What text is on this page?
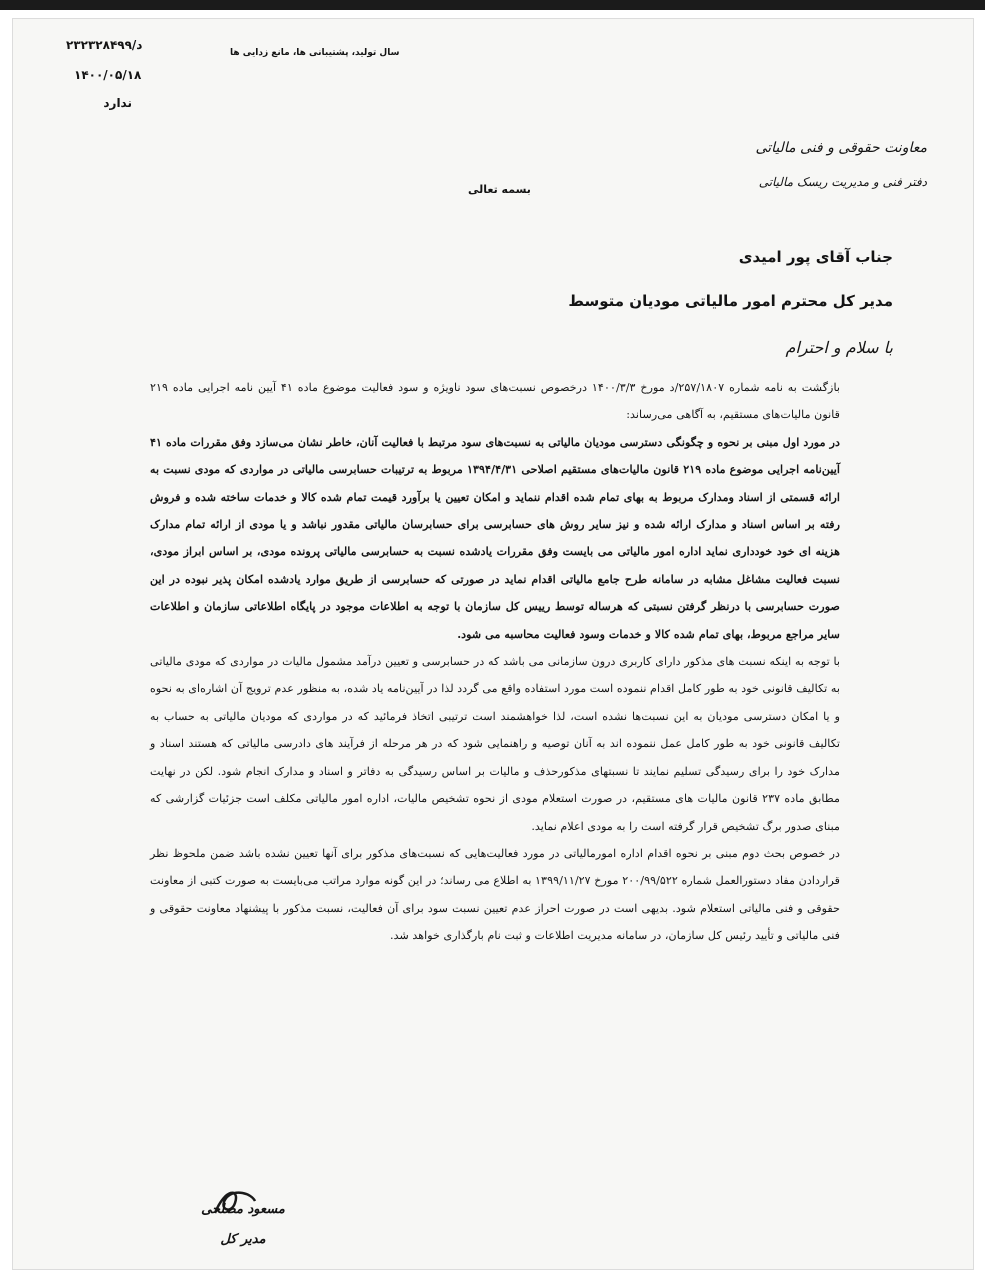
د/۲۳۲۳۲۸۴۹۹
۱۴۰۰/۰۵/۱۸
ندارد
سال تولید، پشتیبانی ها، مانع زدایی ها
معاونت حقوقی و فنی مالیاتی
دفتر فنی و مدیریت ریسک مالیاتی
بسمه تعالی
جناب آقای پور امیدی
مدیر کل محترم امور مالیاتی مودیان متوسط
با سلام و احترام

بازگشت به نامه شماره ۲۵۷/۱۸۰۷/د مورخ ۱۴۰۰/۳/۳ درخصوص نسبت‌های سود ناویژه و سود فعالیت موضوع ماده ۴۱ آیین نامه اجرایی ماده ۲۱۹ قانون مالیات‌های مستقیم، به آگاهی می‌رساند:

در مورد اول مبنی بر نحوه و چگونگی دسترسی مودیان مالیاتی به نسبت‌های سود مرتبط با فعالیت آنان، خاطر نشان می‌سازد وفق مقررات ماده ۴۱ آیین‌نامه اجرایی موضوع ماده ۲۱۹ قانون مالیات‌های مستقیم اصلاحی ۱۳۹۴/۴/۳۱ مربوط به ترتیبات حسابرسی مالیاتی در مواردی که مودی نسبت به ارائه قسمتی از اسناد ومدارک مربوط به بهای تمام شده اقدام ننماید و امکان تعیین یا برآورد قیمت تمام شده کالا و خدمات ساخته شده و فروش رفته بر اساس اسناد و مدارک ارائه شده و نیز سایر روش های حسابرسی برای حسابرسان مالیاتی مقدور نباشد و یا مودی از ارائه تمام مدارک هزینه ای خود خودداری نماید اداره امور مالیاتی می بایست وفق مقررات یادشده نسبت به حسابرسی مالیاتی پرونده مودی، بر اساس ابراز مودی، نسبت فعالیت مشاغل مشابه در سامانه طرح جامع مالیاتی اقدام نماید در صورتی که حسابرسی از طریق موارد یادشده امکان پذیر نبوده در این صورت حسابرسی با درنظر گرفتن نسبتی که هرساله توسط رییس کل سازمان با توجه به اطلاعات موجود در پایگاه اطلاعاتی سازمان و اطلاعات سایر مراجع مربوط، بهای تمام شده کالا و خدمات وسود فعالیت محاسبه می شود.

با توجه به اینکه نسبت های مذکور دارای کاربری درون سازمانی می باشد که در حسابرسی و تعیین درآمد مشمول مالیات در مواردی که مودی مالیاتی به تکالیف قانونی خود به طور کامل اقدام ننموده است مورد استفاده واقع می گردد لذا در آیین‌نامه یاد شده، به منظور عدم ترویج آن اشاره‌ای به نحوه و یا امکان دسترسی مودیان به این نسبت‌ها نشده است، لذا خواهشمند است ترتیبی اتخاذ فرمائید که در مواردی که مودیان مالیاتی به حساب به تکالیف قانونی خود به طور کامل عمل ننموده اند به آنان توصیه و راهنمایی شود که در هر مرحله از فرآیند های دادرسی مالیاتی که هستند اسناد و مدارک خود را برای رسیدگی تسلیم نمایند تا نسبتهای مذکورحذف و مالیات بر اساس رسیدگی به دفاتر و اسناد و مدارک انجام شود. لکن در نهایت مطابق ماده ۲۳۷ قانون مالیات های مستقیم، در صورت استعلام مودی از نحوه تشخیص مالیات، اداره امور مالیاتی مکلف است جزئیات گزارشی که مبنای صدور برگ تشخیص قرار گرفته است را به مودی اعلام نماید.

در خصوص بحث دوم مبنی بر نحوه اقدام اداره امورمالیاتی در مورد فعالیت‌هایی که نسبت‌های مذکور برای آنها تعیین نشده باشد ضمن ملحوظ نظر قراردادن مفاد دستورالعمل شماره ۲۰۰/۹۹/۵۲۲ مورخ ۱۳۹۹/۱۱/۲۷ به اطلاع می رساند؛ در این گونه موارد مراتب می‌بایست به صورت کتبی از معاونت حقوقی و فنی مالیاتی استعلام شود. بدیهی است در صورت احراز عدم تعیین نسبت سود برای آن فعالیت، نسبت مذکور با پیشنهاد معاونت حقوقی و فنی مالیاتی و تأیید رئیس کل سازمان، در سامانه مدیریت اطلاعات و ثبت نام بارگذاری خواهد شد.

مسعود مصلحی
مدیر کل
